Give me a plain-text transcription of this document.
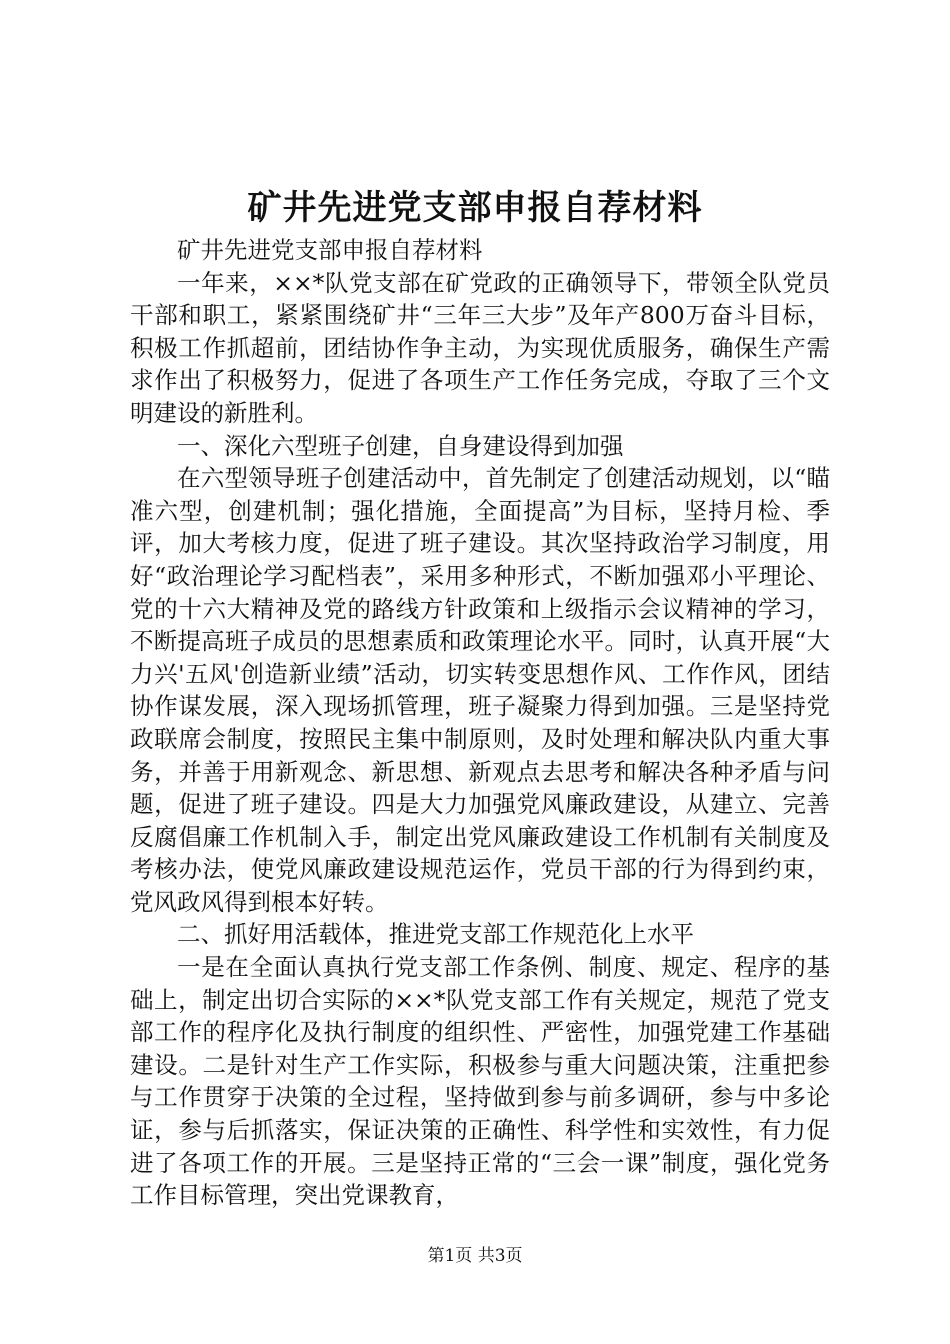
矿井先进党支部申报自荐材料

矿井先进党支部申报自荐材料

一年来，××*队党支部在矿党政的正确领导下，带领全队党员干部和职工，紧紧围绕矿井“三年三大步”及年产800万奋斗目标，积极工作抓超前，团结协作争主动，为实现优质服务，确保生产需求作出了积极努力，促进了各项生产工作任务完成，夺取了三个文明建设的新胜利。

一、深化六型班子创建，自身建设得到加强

在六型领导班子创建活动中，首先制定了创建活动规划，以“瞄准六型，创建机制；强化措施，全面提高”为目标，坚持月检、季评，加大考核力度，促进了班子建设。其次坚持政治学习制度，用好“政治理论学习配档表”，采用多种形式，不断加强邓小平理论、党的十六大精神及党的路线方针政策和上级指示会议精神的学习，不断提高班子成员的思想素质和政策理论水平。同时，认真开展“大力兴'五风'创造新业绩”活动，切实转变思想作风、工作作风，团结协作谋发展，深入现场抓管理，班子凝聚力得到加强。三是坚持党政联席会制度，按照民主集中制原则，及时处理和解决队内重大事务，并善于用新观念、新思想、新观点去思考和解决各种矛盾与问题，促进了班子建设。四是大力加强党风廉政建设，从建立、完善反腐倡廉工作机制入手，制定出党风廉政建设工作机制有关制度及考核办法，使党风廉政建设规范运作，党员干部的行为得到约束，党风政风得到根本好转。

二、抓好用活载体，推进党支部工作规范化上水平

一是在全面认真执行党支部工作条例、制度、规定、程序的基础上，制定出切合实际的××*队党支部工作有关规定，规范了党支部工作的程序化及执行制度的组织性、严密性，加强党建工作基础建设。二是针对生产工作实际，积极参与重大问题决策，注重把参与工作贯穿于决策的全过程，坚持做到参与前多调研，参与中多论证，参与后抓落实，保证决策的正确性、科学性和实效性，有力促进了各项工作的开展。三是坚持正常的“三会一课”制度，强化党务工作目标管理，突出党课教育，

第1页 共3页
